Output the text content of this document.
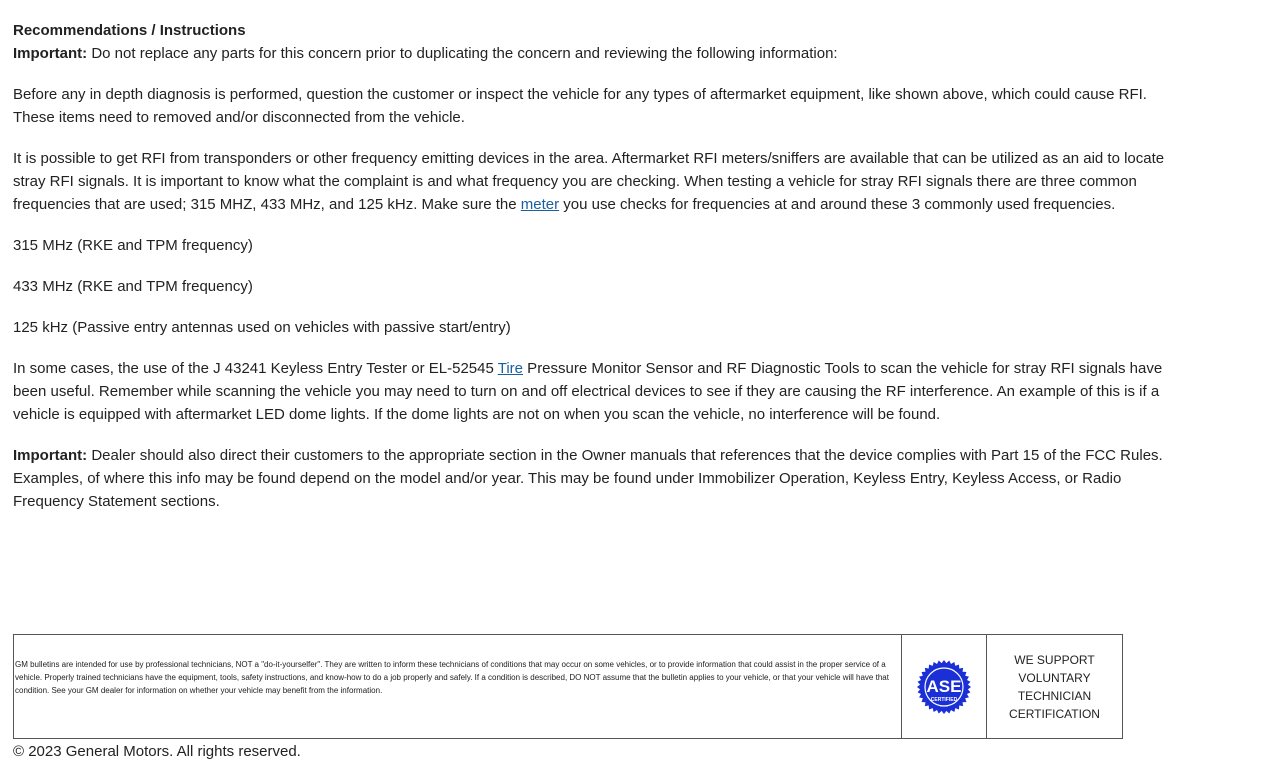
Recommendations / Instructions

Important: Do not replace any parts for this concern prior to duplicating the concern and reviewing the following information:

Before any in depth diagnosis is performed, question the customer or inspect the vehicle for any types of aftermarket equipment, like shown above, which could cause RFI. These items need to removed and/or disconnected from the vehicle.

It is possible to get RFI from transponders or other frequency emitting devices in the area. Aftermarket RFI meters/sniffers are available that can be utilized as an aid to locate stray RFI signals. It is important to know what the complaint is and what frequency you are checking. When testing a vehicle for stray RFI signals there are three common frequencies that are used; 315 MHZ, 433 MHz, and 125 kHz. Make sure the meter you use checks for frequencies at and around these 3 commonly used frequencies.

315 MHz (RKE and TPM frequency)

433 MHz (RKE and TPM frequency)

125 kHz (Passive entry antennas used on vehicles with passive start/entry)

In some cases, the use of the J 43241 Keyless Entry Tester or EL-52545 Tire Pressure Monitor Sensor and RF Diagnostic Tools to scan the vehicle for stray RFI signals have been useful. Remember while scanning the vehicle you may need to turn on and off electrical devices to see if they are causing the RF interference. An example of this is if a vehicle is equipped with aftermarket LED dome lights. If the dome lights are not on when you scan the vehicle, no interference will be found.

Important: Dealer should also direct their customers to the appropriate section in the Owner manuals that references that the device complies with Part 15 of the FCC Rules. Examples, of where this info may be found depend on the model and/or year. This may be found under Immobilizer Operation, Keyless Entry, Keyless Access, or Radio Frequency Statement sections.

GM bulletins are intended for use by professional technicians, NOT a "do-it-yourselfer". They are written to inform these technicians of conditions that may occur on some vehicles, or to provide information that could assist in the proper service of a vehicle. Properly trained technicians have the equipment, tools, safety instructions, and know-how to do a job properly and safely. If a condition is described, DO NOT assume that the bulletin applies to your vehicle, or that your vehicle will have that condition. See your GM dealer for information on whether your vehicle may benefit from the information.	ASE
CERTIFIED
WE SUPPORT
VOLUNTARY
TECHNICIAN
CERTIFICATION
© 2023 General Motors. All rights reserved.
